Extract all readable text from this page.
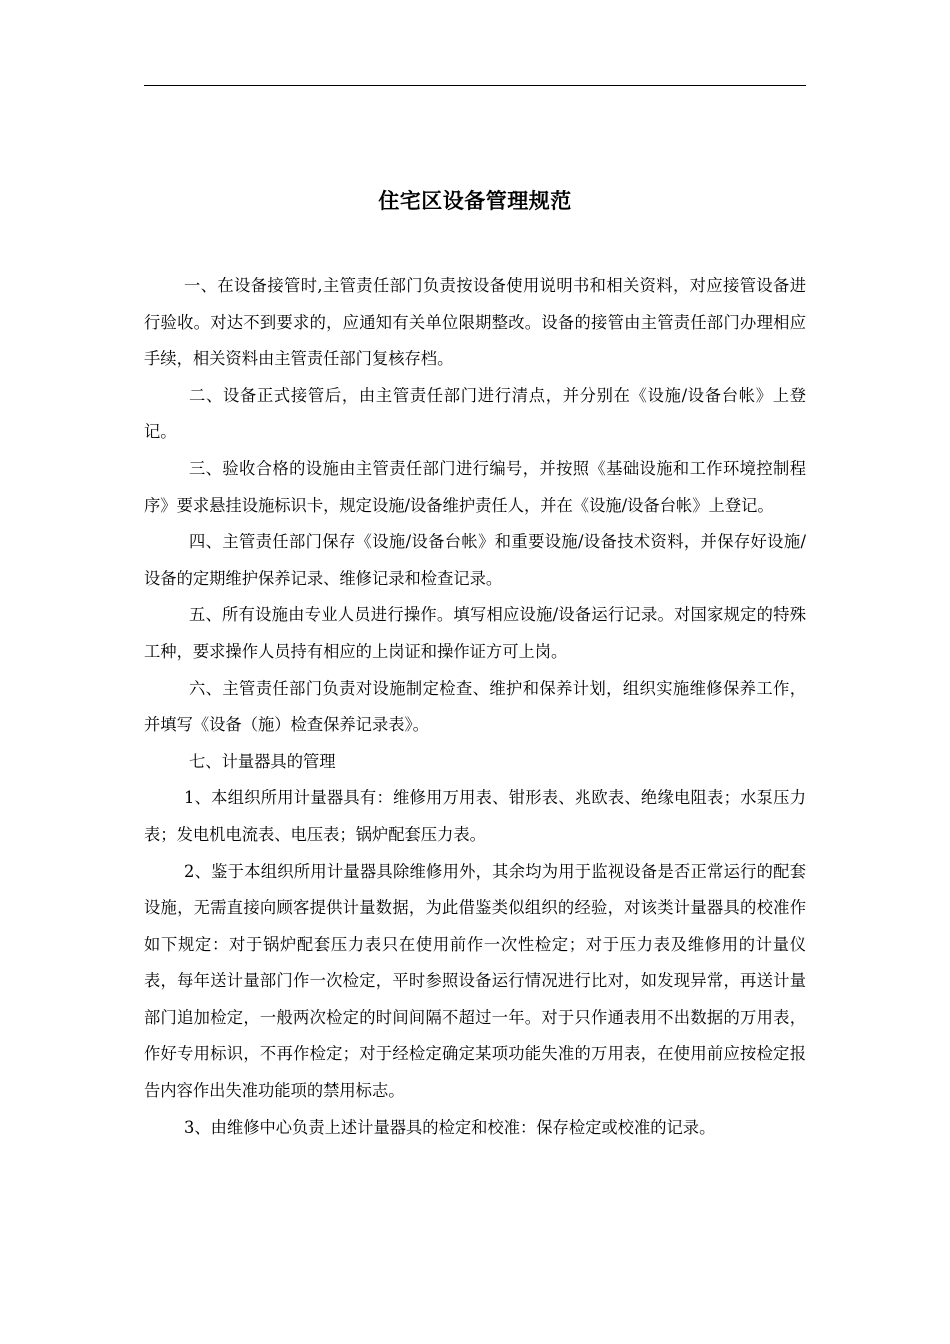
住宅区设备管理规范

一、在设备接管时,主管责任部门负责按设备使用说明书和相关资料，对应接管设备进行验收。对达不到要求的，应通知有关单位限期整改。设备的接管由主管责任部门办理相应手续，相关资料由主管责任部门复核存档。

二、设备正式接管后，由主管责任部门进行清点，并分别在《设施/设备台帐》上登记。

三、验收合格的设施由主管责任部门进行编号，并按照《基础设施和工作环境控制程序》要求悬挂设施标识卡，规定设施/设备维护责任人，并在《设施/设备台帐》上登记。

四、主管责任部门保存《设施/设备台帐》和重要设施/设备技术资料，并保存好设施/设备的定期维护保养记录、维修记录和检查记录。

五、所有设施由专业人员进行操作。填写相应设施/设备运行记录。对国家规定的特殊工种，要求操作人员持有相应的上岗证和操作证方可上岗。

六、主管责任部门负责对设施制定检查、维护和保养计划，组织实施维修保养工作，并填写《设备（施）检查保养记录表》。

七、计量器具的管理

1、本组织所用计量器具有：维修用万用表、钳形表、兆欧表、绝缘电阻表；水泵压力表；发电机电流表、电压表；锅炉配套压力表。

2、鉴于本组织所用计量器具除维修用外，其余均为用于监视设备是否正常运行的配套设施，无需直接向顾客提供计量数据，为此借鉴类似组织的经验，对该类计量器具的校准作如下规定：对于锅炉配套压力表只在使用前作一次性检定；对于压力表及维修用的计量仪表，每年送计量部门作一次检定，平时参照设备运行情况进行比对，如发现异常，再送计量部门追加检定，一般两次检定的时间间隔不超过一年。对于只作通表用不出数据的万用表，作好专用标识，不再作检定；对于经检定确定某项功能失准的万用表，在使用前应按检定报告内容作出失准功能项的禁用标志。

3、由维修中心负责上述计量器具的检定和校准：保存检定或校准的记录。
